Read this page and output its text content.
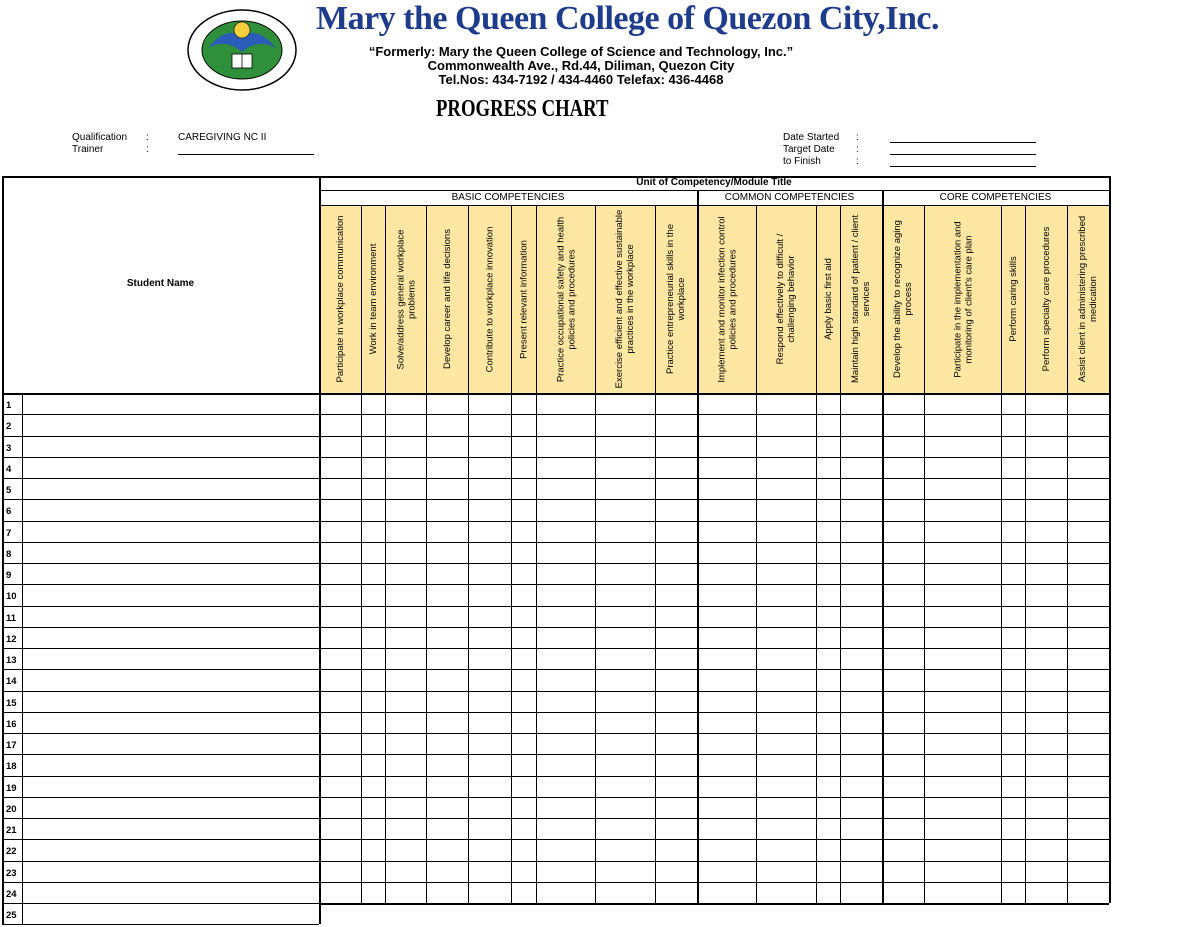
Mary the Queen College of Quezon City,Inc.
“Formerly: Mary the Queen College of Science and Technology, Inc.”
Commonwealth Ave., Rd.44, Diliman, Quezon City
Tel.Nos: 434-7192 / 434-4460 Telefax: 436-4468
PROGRESS CHART
Qualification :	CAREGIVING NC II
Trainer	:
Date Started :
Target Date :
to Finish	:
Unit of Competency/Module Title
BASIC COMPETENCIES	COMMON COMPETENCIES	CORE COMPETENCIES
Student Name	Participate in workplace communication	Work in team environment	Solve/address general workplace problems	Develop career and life decisions	Contribute to workplace innovation	Present relevant information	Practice occupational safety and health policies and procedures	Exercise efficient and effective sustainable practices in the workplace	Practice entrepreneurial skills in the workplace	Implement and monitor infection control policies and procedures	Respond effectively to difficult / challenging behavior	Apply basic first aid	Maintain high standard of patient / client services	Develop the ability to recognize aging process	Participate in the implementation and monitoring of client's care plan	Perform caring skills	Perform specialty care procedures	Assist client in administering prescribed medication
1
2
3
4
5
6
7
8
9
10
11
12
13
14
15
16
17
18
19
20
21
22
23
24
25
